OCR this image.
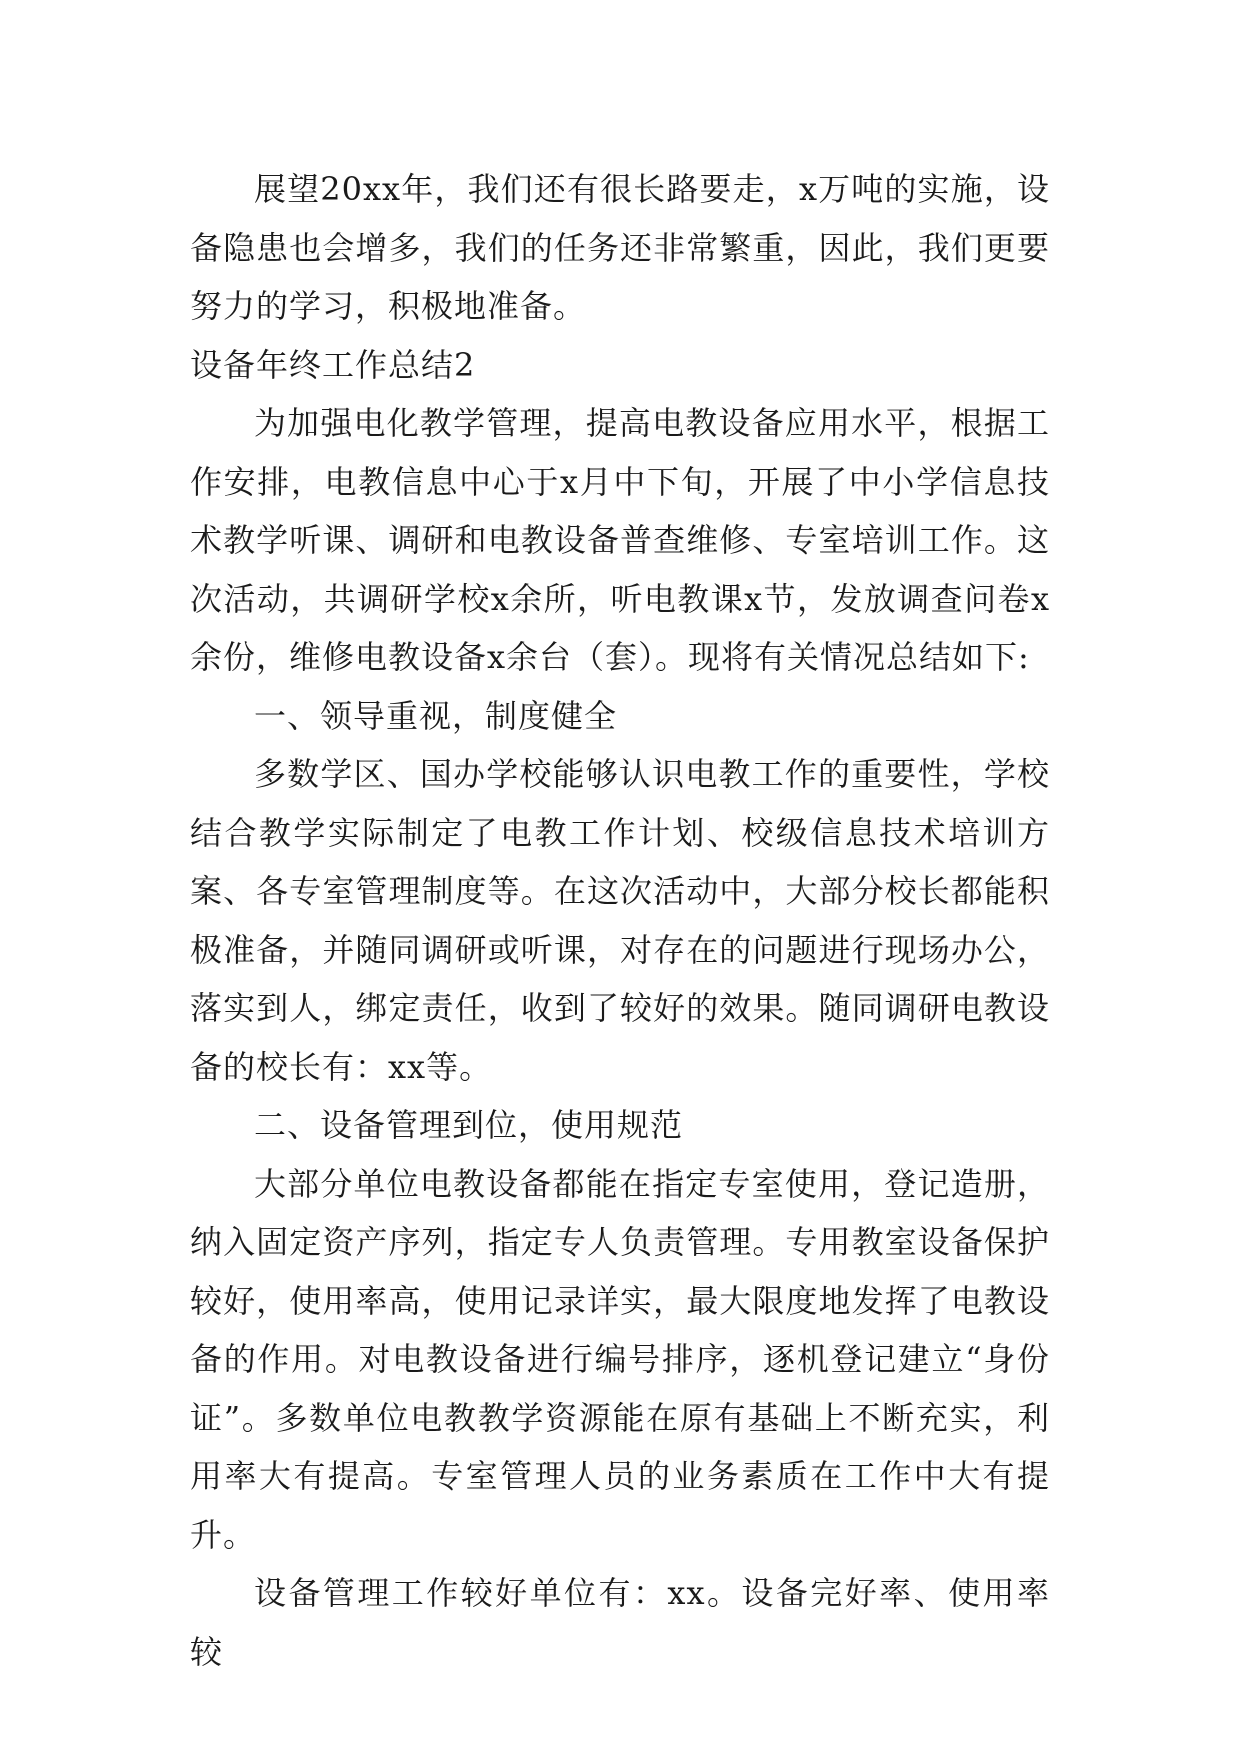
展望20xx年，我们还有很长路要走，x万吨的实施，设备隐患也会增多，我们的任务还非常繁重，因此，我们更要努力的学习，积极地准备。

设备年终工作总结2

为加强电化教学管理，提高电教设备应用水平，根据工作安排，电教信息中心于x月中下旬，开展了中小学信息技术教学听课、调研和电教设备普查维修、专室培训工作。这次活动，共调研学校x余所，听电教课x节，发放调查问卷x余份，维修电教设备x余台（套）。现将有关情况总结如下:

一、领导重视，制度健全

多数学区、国办学校能够认识电教工作的重要性，学校结合教学实际制定了电教工作计划、校级信息技术培训方案、各专室管理制度等。在这次活动中，大部分校长都能积极准备，并随同调研或听课，对存在的问题进行现场办公，落实到人，绑定责任，收到了较好的效果。随同调研电教设备的校长有：xx等。

二、设备管理到位，使用规范

大部分单位电教设备都能在指定专室使用，登记造册，纳入固定资产序列，指定专人负责管理。专用教室设备保护较好，使用率高，使用记录详实，最大限度地发挥了电教设备的作用。对电教设备进行编号排序，逐机登记建立“身份证”。多数单位电教教学资源能在原有基础上不断充实，利用率大有提高。专室管理人员的业务素质在工作中大有提升。

设备管理工作较好单位有：xx。设备完好率、使用率较
